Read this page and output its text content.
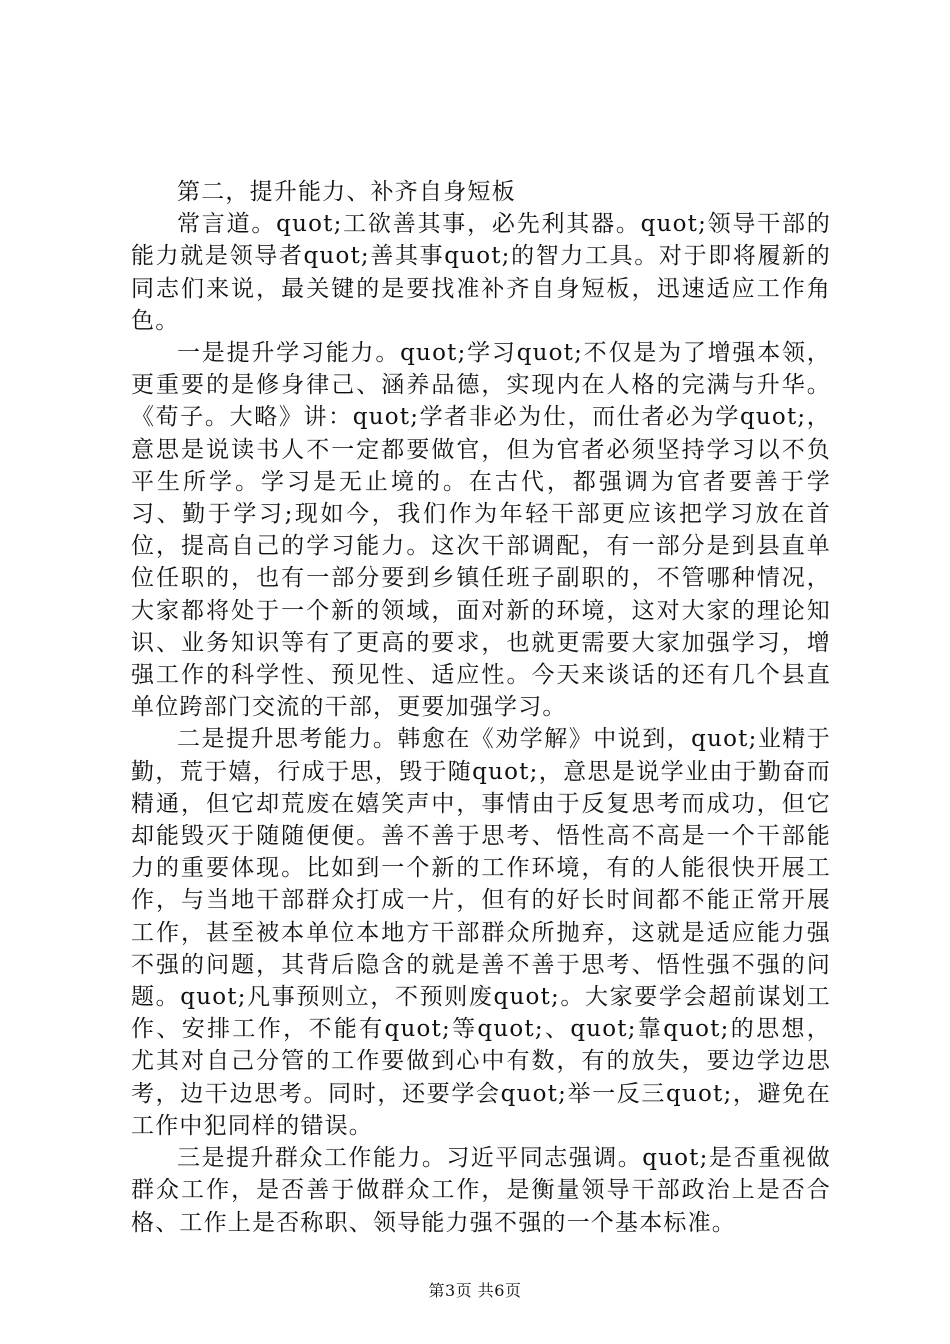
第二，提升能力、补齐自身短板

常言道。quot;工欲善其事，必先利其器。quot;领导干部的能力就是领导者quot;善其事quot;的智力工具。对于即将履新的同志们来说，最关键的是要找准补齐自身短板，迅速适应工作角色。

一是提升学习能力。quot;学习quot;不仅是为了增强本领，更重要的是修身律己、涵养品德，实现内在人格的完满与升华。《荀子。大略》讲：quot;学者非必为仕，而仕者必为学quot;，意思是说读书人不一定都要做官，但为官者必须坚持学习以不负平生所学。学习是无止境的。在古代，都强调为官者要善于学习、勤于学习;现如今，我们作为年轻干部更应该把学习放在首位，提高自己的学习能力。这次干部调配，有一部分是到县直单位任职的，也有一部分要到乡镇任班子副职的，不管哪种情况，大家都将处于一个新的领域，面对新的环境，这对大家的理论知识、业务知识等有了更高的要求，也就更需要大家加强学习，增强工作的科学性、预见性、适应性。今天来谈话的还有几个县直单位跨部门交流的干部，更要加强学习。

二是提升思考能力。韩愈在《劝学解》中说到，quot;业精于勤，荒于嬉，行成于思，毁于随quot;，意思是说学业由于勤奋而精通，但它却荒废在嬉笑声中，事情由于反复思考而成功，但它却能毁灭于随随便便。善不善于思考、悟性高不高是一个干部能力的重要体现。比如到一个新的工作环境，有的人能很快开展工作，与当地干部群众打成一片，但有的好长时间都不能正常开展工作，甚至被本单位本地方干部群众所抛弃，这就是适应能力强不强的问题，其背后隐含的就是善不善于思考、悟性强不强的问题。quot;凡事预则立，不预则废quot;。大家要学会超前谋划工作、安排工作，不能有quot;等quot;、quot;靠quot;的思想，尤其对自己分管的工作要做到心中有数，有的放失，要边学边思考，边干边思考。同时，还要学会quot;举一反三quot;，避免在工作中犯同样的错误。

三是提升群众工作能力。习近平同志强调。quot;是否重视做群众工作，是否善于做群众工作，是衡量领导干部政治上是否合格、工作上是否称职、领导能力强不强的一个基本标准。

第3页 共6页
